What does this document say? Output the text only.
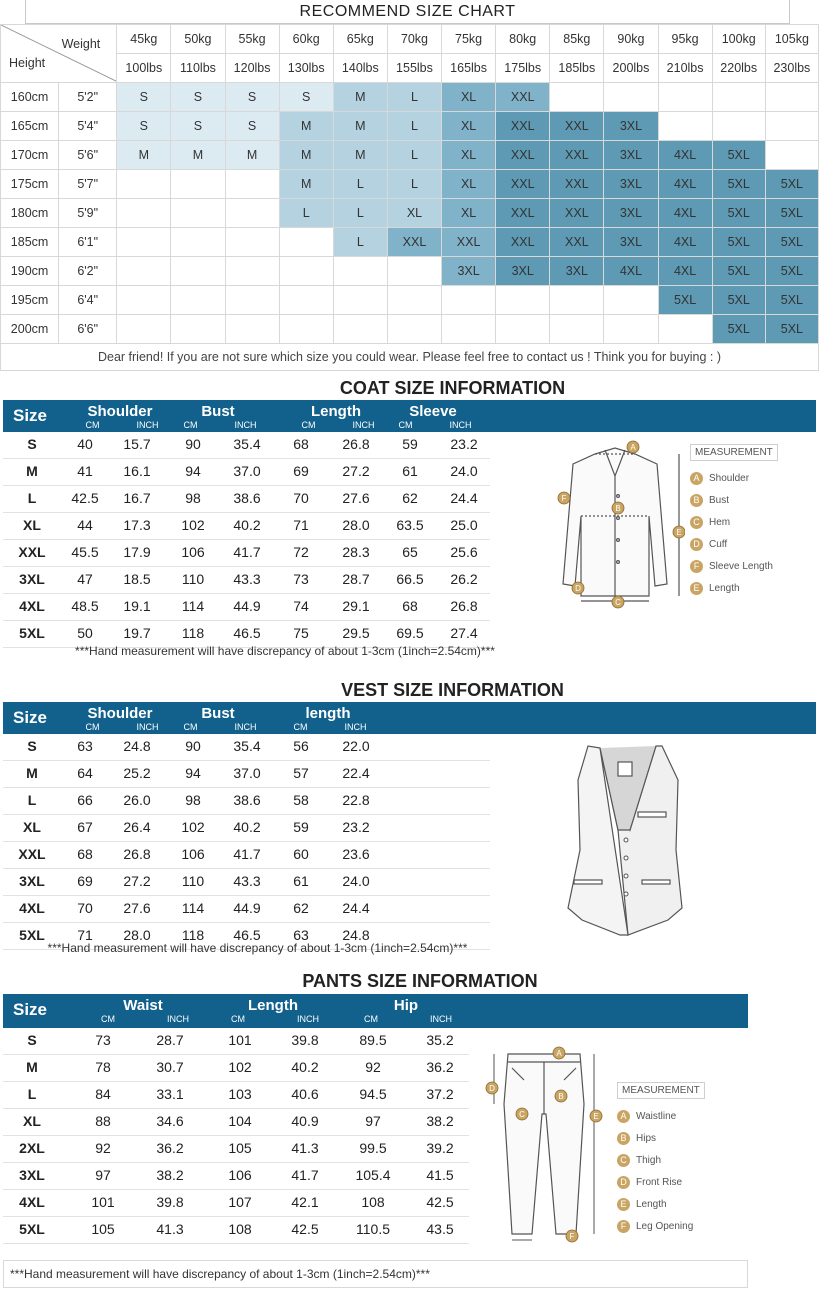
RECOMMEND SIZE CHART
Weight
Height		45kg	50kg	55kg	60kg	65kg	70kg	75kg	80kg	85kg	90kg	95kg	100kg	105kg
		100lbs	110lbs	120lbs	130lbs	140lbs	155lbs	165lbs	175lbs	185lbs	200lbs	210lbs	220lbs	230lbs
160cm	5'2"	S	S	S	S	M	L	XL	XXL					
165cm	5'4"	S	S	S	M	M	L	XL	XXL	XXL	3XL			
170cm	5'6"	M	M	M	M	M	L	XL	XXL	XXL	3XL	4XL	5XL	
175cm	5'7"				M	L	L	XL	XXL	XXL	3XL	4XL	5XL	5XL
180cm	5'9"				L	L	XL	XL	XXL	XXL	3XL	4XL	5XL	5XL
185cm	6'1"					L	XXL	XXL	XXL	XXL	3XL	4XL	5XL	5XL
190cm	6'2"							3XL	3XL	3XL	4XL	4XL	5XL	5XL
195cm	6'4"											5XL	5XL	5XL
200cm	6'6"												5XL	5XL
Dear friend! If you are not sure which size you could wear. Please feel free to contact us ! Think you for buying : )
COAT SIZE INFORMATION
Size	Shoulder
CM	INCH
Bust
CM	INCH
Length
CM	INCH
Sleeve
CM	INCH
S	40	15.7	90	35.4	68	26.8	59	23.2
M	41	16.1	94	37.0	69	27.2	61	24.0
L	42.5	16.7	98	38.6	70	27.6	62	24.4
XL	44	17.3	102	40.2	71	28.0	63.5	25.0
XXL	45.5	17.9	106	41.7	72	28.3	65	25.6
3XL	47	18.5	110	43.3	73	28.7	66.5	26.2
4XL	48.5	19.1	114	44.9	74	29.1	68	26.8
5XL	50	19.7	118	46.5	75	29.5	69.5	27.4
***Hand measurement will have discrepancy of about 1-3cm (1inch=2.54cm)***
A
B
C
D
F
E
MEASUREMENT
A Shoulder
B Bust
C Hem
D Cuff
F Sleeve Length
E Length
VEST SIZE INFORMATION
Size	Shoulder
CM	INCH
Bust
CM	INCH
length
CM	INCH
S	63	24.8	90	35.4	56	22.0
M	64	25.2	94	37.0	57	22.4
L	66	26.0	98	38.6	58	22.8
XL	67	26.4	102	40.2	59	23.2
XXL	68	26.8	106	41.7	60	23.6
3XL	69	27.2	110	43.3	61	24.0
4XL	70	27.6	114	44.9	62	24.4
5XL	71	28.0	118	46.5	63	24.8
***Hand measurement will have discrepancy of about 1-3cm (1inch=2.54cm)***
PANTS SIZE INFORMATION
Size	Waist
CM	INCH
Length
CM	INCH
Hip
CM	INCH
S	73	28.7	101	39.8	89.5	35.2
M	78	30.7	102	40.2	92	36.2
L	84	33.1	103	40.6	94.5	37.2
XL	88	34.6	104	40.9	97	38.2
2XL	92	36.2	105	41.3	99.5	39.2
3XL	97	38.2	106	41.7	105.4	41.5
4XL	101	39.8	107	42.1	108	42.5
5XL	105	41.3	108	42.5	110.5	43.5
***Hand measurement will have discrepancy of about 1-3cm (1inch=2.54cm)***
A
B
C
D
E
F
MEASUREMENT
A Waistline
B Hips
C Thigh
D Front Rise
E Length
F Leg Opening
